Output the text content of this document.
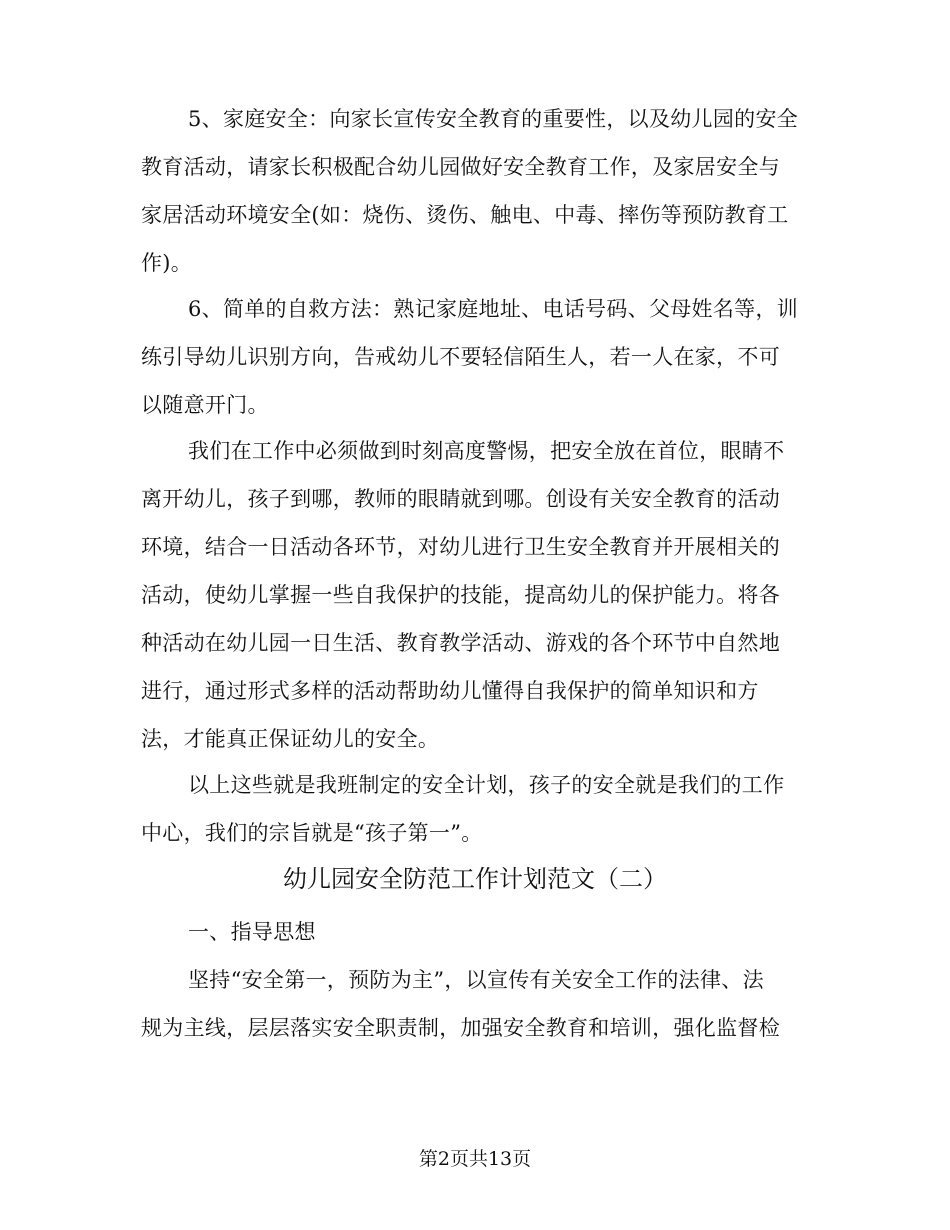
5、家庭安全：向家长宣传安全教育的重要性，以及幼儿园的安全
教育活动，请家长积极配合幼儿园做好安全教育工作，及家居安全与
家居活动环境安全(如：烧伤、烫伤、触电、中毒、摔伤等预防教育工
作)。
6、简单的自救方法：熟记家庭地址、电话号码、父母姓名等，训
练引导幼儿识别方向，告戒幼儿不要轻信陌生人，若一人在家，不可
以随意开门。
我们在工作中必须做到时刻高度警惕，把安全放在首位，眼睛不
离开幼儿，孩子到哪，教师的眼睛就到哪。创设有关安全教育的活动
环境，结合一日活动各环节，对幼儿进行卫生安全教育并开展相关的
活动，使幼儿掌握一些自我保护的技能，提高幼儿的保护能力。将各
种活动在幼儿园一日生活、教育教学活动、游戏的各个环节中自然地
进行，通过形式多样的活动帮助幼儿懂得自我保护的简单知识和方
法，才能真正保证幼儿的安全。
以上这些就是我班制定的安全计划，孩子的安全就是我们的工作
中心，我们的宗旨就是“孩子第一”。
幼儿园安全防范工作计划范文（二）
一、指导思想
坚持“安全第一，预防为主”，以宣传有关安全工作的法律、法
规为主线，层层落实安全职责制，加强安全教育和培训，强化监督检
第2页共13页
